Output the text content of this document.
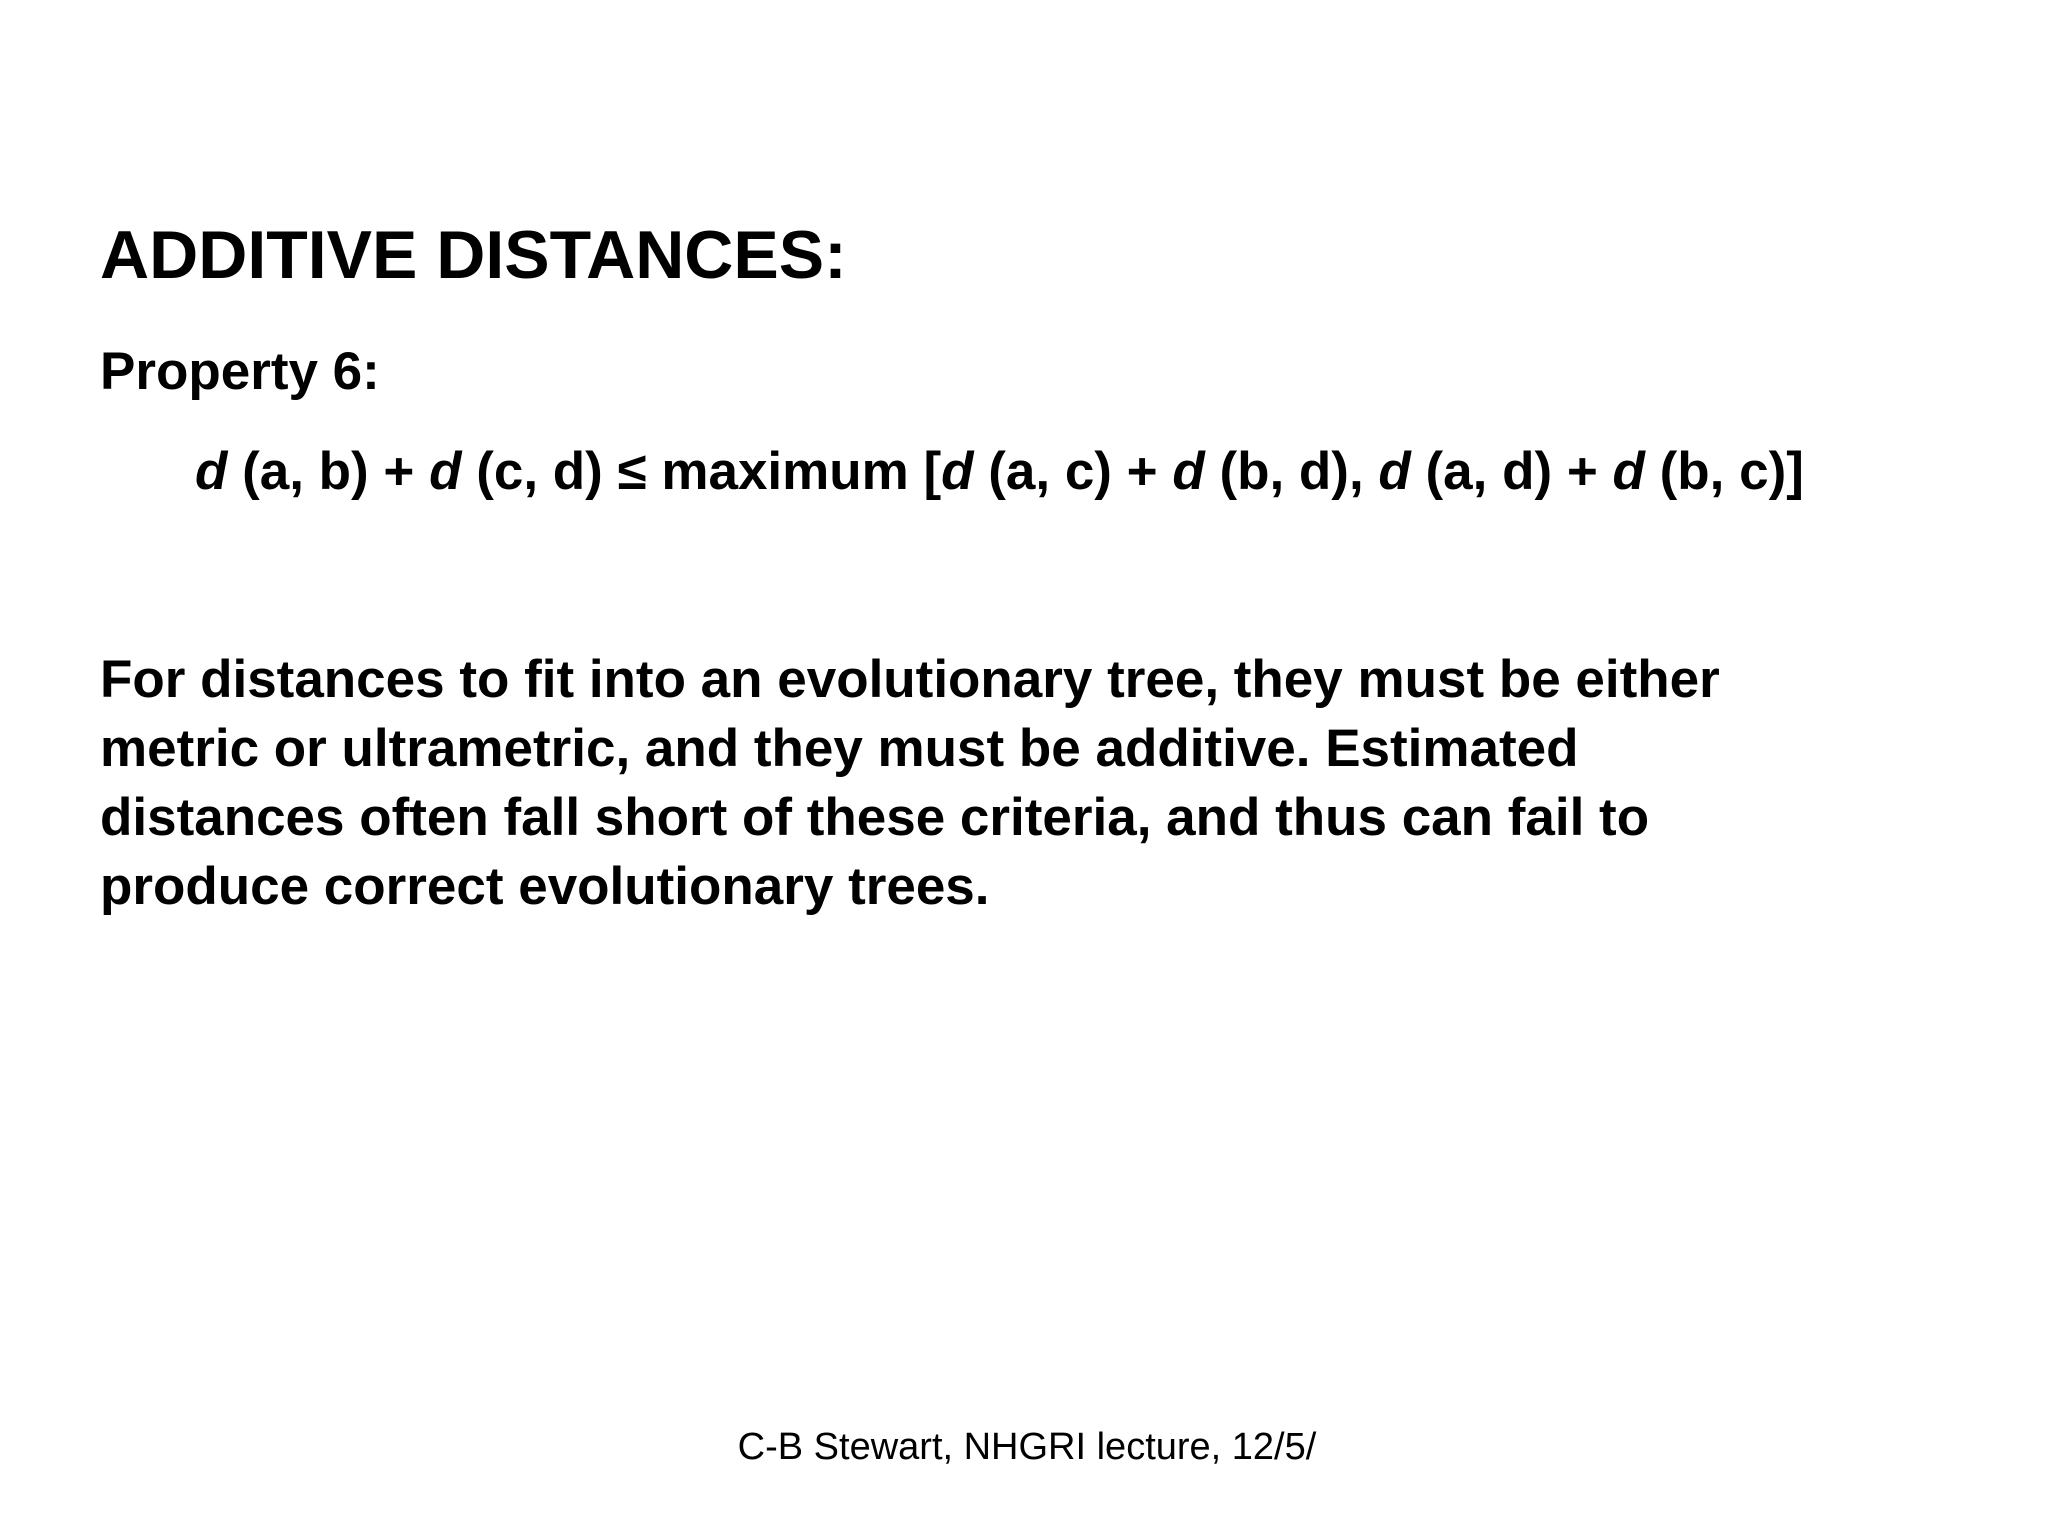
ADDITIVE DISTANCES:

Property 6:

d (a, b) + d (c, d) ≤ maximum [d (a, c) + d (b, d), d (a, d) + d (b, c)]

For distances to fit into an evolutionary tree, they must be either
metric or ultrametric, and they must be additive. Estimated
distances often fall short of these criteria, and thus can fail to
produce correct evolutionary trees.

C-B Stewart, NHGRI lecture, 12/5/
